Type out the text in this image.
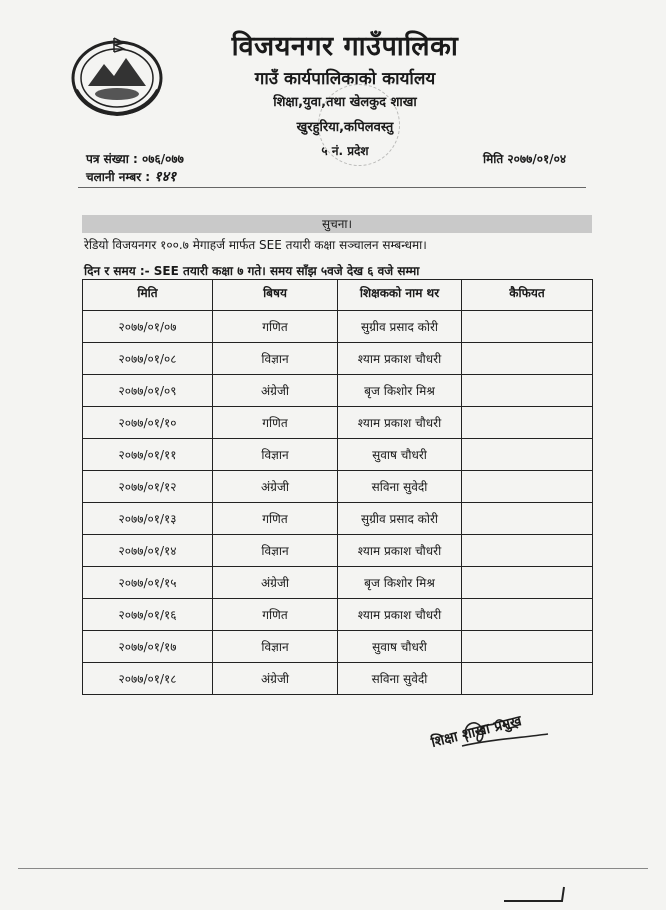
विजयनगर गाउँपालिका
गाउँ कार्यपालिकाको कार्यालय
शिक्षा,युवा,तथा खेलकुद शाखा
खुरहुरिया,कपिलवस्तु
५ नं. प्रदेश
पत्र संख्या : ०७६/०७७
चलानी नम्बर : १४१
मिति २०७७/०१/०४
सुचना।
रेडियो विजयनगर १००.७ मेगाहर्ज मार्फत SEE तयारी कक्षा सञ्चालन सम्बन्धमा।
दिन र समय :- SEE तयारी कक्षा ७ गते। समय साँझ ५वजे देख ६ वजे सम्मा
मिति	बिषय	शिक्षकको नाम थर	कैफियत
२०७७/०१/०७	गणित	सुग्रीव प्रसाद कोरी	
२०७७/०१/०८	विज्ञान	श्याम प्रकाश चौधरी	
२०७७/०१/०९	अंग्रेजी	बृज किशोर मिश्र	
२०७७/०१/१०	गणित	श्याम प्रकाश चौधरी	
२०७७/०१/११	विज्ञान	सुवाष चौधरी	
२०७७/०१/१२	अंग्रेजी	सविना सुवेदी	
२०७७/०१/१३	गणित	सुग्रीव प्रसाद कोरी	
२०७७/०१/१४	विज्ञान	श्याम प्रकाश चौधरी	
२०७७/०१/१५	अंग्रेजी	बृज किशोर मिश्र	
२०७७/०१/१६	गणित	श्याम प्रकाश चौधरी	
२०७७/०१/१७	विज्ञान	सुवाष चौधरी	
२०७७/०१/१८	अंग्रेजी	सविना सुवेदी	
शिक्षा शाखा प्रमुख
